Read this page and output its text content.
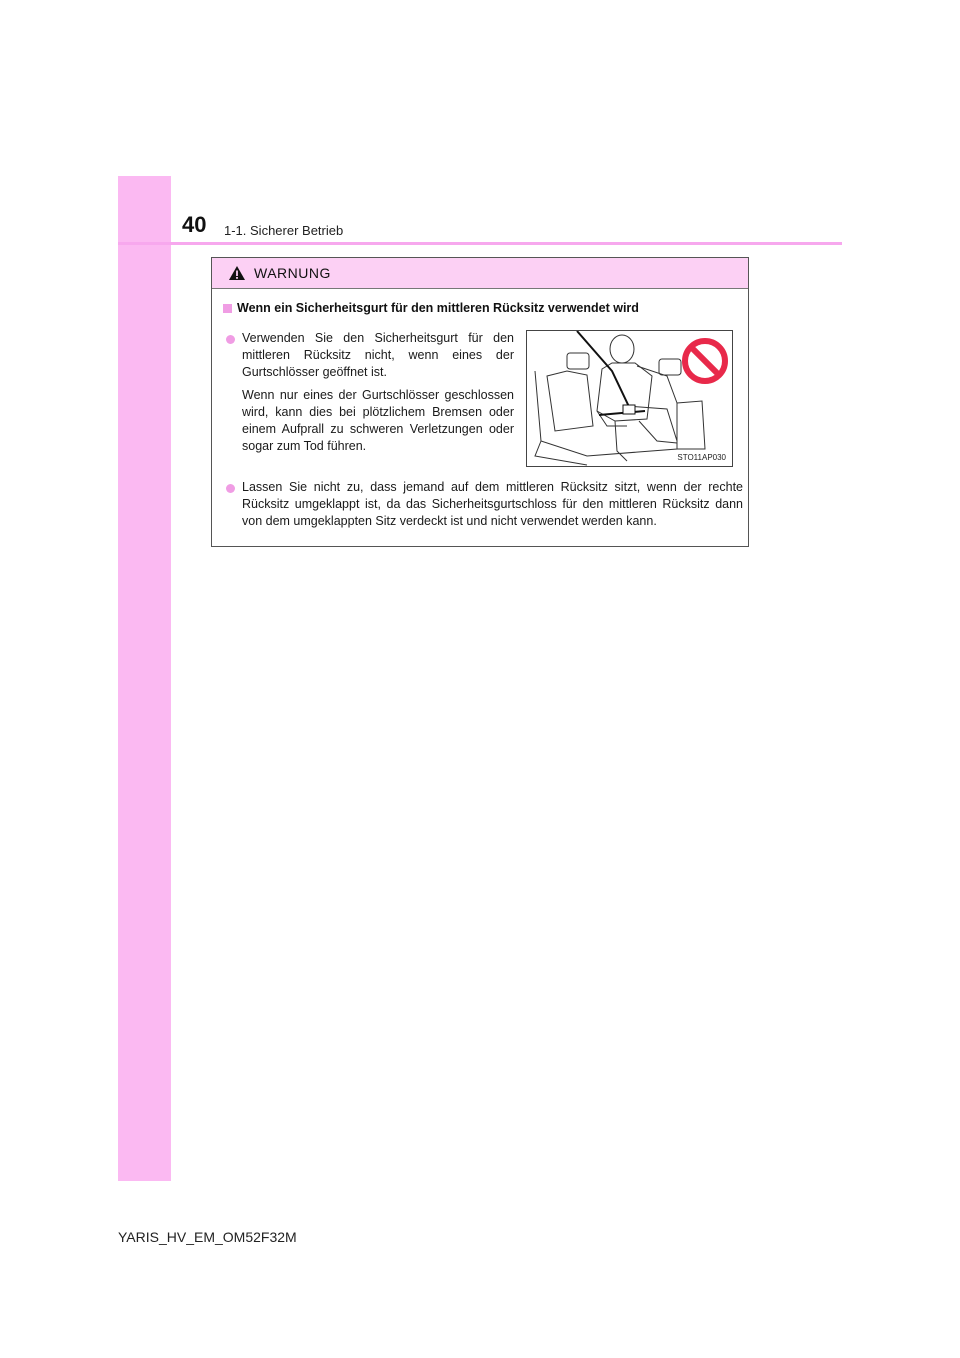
40 1-1. Sicherer Betrieb
WARNUNG
Wenn ein Sicherheitsgurt für den mittleren Rücksitz verwendet wird
Verwenden Sie den Sicherheitsgurt für den mittleren Rücksitz nicht, wenn eines der Gurtschlösser geöffnet ist.
Wenn nur eines der Gurtschlösser geschlossen wird, kann dies bei plötzlichem Bremsen oder einem Aufprall zu schweren Verletzungen oder sogar zum Tod führen.
STO11AP030
Lassen Sie nicht zu, dass jemand auf dem mittleren Rücksitz sitzt, wenn der rechte Rücksitz umgeklappt ist, da das Sicherheitsgurtschloss für den mittleren Rücksitz dann von dem umgeklappten Sitz verdeckt ist und nicht verwendet werden kann.
YARIS_HV_EM_OM52F32M
